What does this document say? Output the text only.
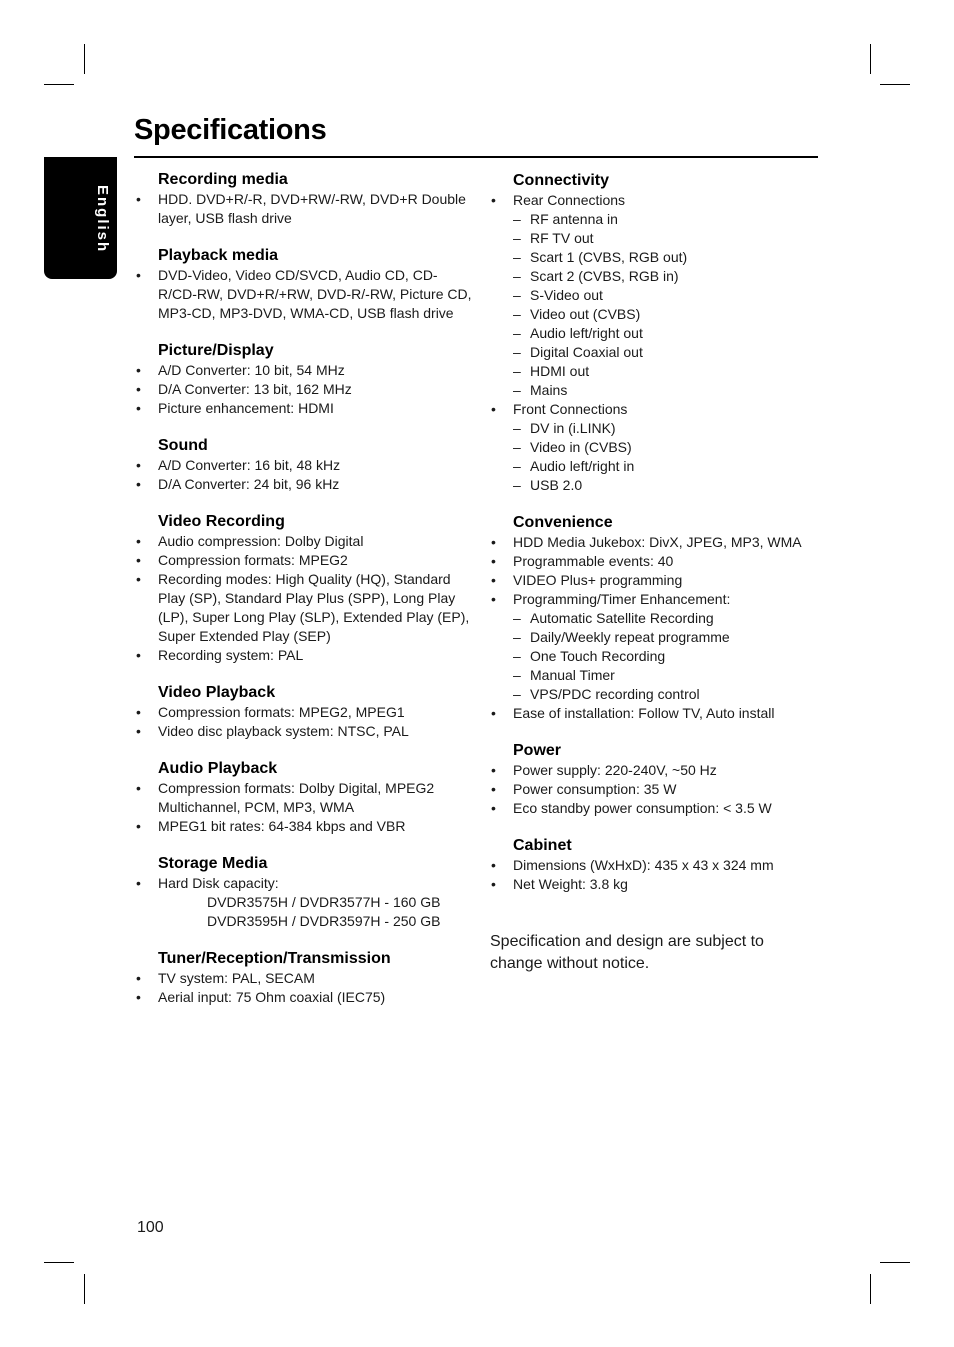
Specifications
English
Recording media
• HDD. DVD+R/-R, DVD+RW/-RW, DVD+R Double layer, USB flash drive
Playback media
• DVD-Video, Video CD/SVCD, Audio CD, CD-R/CD-RW, DVD+R/+RW, DVD-R/-RW, Picture CD, MP3-CD, MP3-DVD, WMA-CD, USB flash drive
Picture/Display
• A/D Converter: 10 bit, 54 MHz
• D/A Converter: 13 bit, 162 MHz
• Picture enhancement: HDMI
Sound
• A/D Converter: 16 bit, 48 kHz
• D/A Converter: 24 bit, 96 kHz
Video Recording
• Audio compression: Dolby Digital
• Compression formats: MPEG2
• Recording modes: High Quality (HQ), Standard Play (SP), Standard Play Plus (SPP), Long Play (LP), Super Long Play (SLP), Extended Play (EP), Super Extended Play (SEP)
• Recording system: PAL
Video Playback
• Compression formats: MPEG2, MPEG1
• Video disc playback system: NTSC, PAL
Audio Playback
• Compression formats: Dolby Digital, MPEG2 Multichannel, PCM, MP3, WMA
• MPEG1 bit rates: 64-384 kbps and VBR
Storage Media
• Hard Disk capacity:
DVDR3575H / DVDR3577H - 160 GB
DVDR3595H / DVDR3597H - 250 GB
Tuner/Reception/Transmission
• TV system: PAL, SECAM
• Aerial input: 75 Ohm coaxial (IEC75)
Connectivity
• Rear Connections
– RF antenna in
– RF TV out
– Scart 1 (CVBS, RGB out)
– Scart 2 (CVBS, RGB in)
– S-Video out
– Video out (CVBS)
– Audio left/right out
– Digital Coaxial out
– HDMI out
– Mains
• Front Connections
– DV in (i.LINK)
– Video in (CVBS)
– Audio left/right in
– USB 2.0
Convenience
• HDD Media Jukebox: DivX, JPEG, MP3, WMA
• Programmable events: 40
• VIDEO Plus+ programming
• Programming/Timer Enhancement:
– Automatic Satellite Recording
– Daily/Weekly repeat programme
– One Touch Recording
– Manual Timer
– VPS/PDC recording control
• Ease of installation: Follow TV, Auto install
Power
• Power supply: 220-240V, ~50 Hz
• Power consumption: 35 W
• Eco standby power consumption: < 3.5 W
Cabinet
• Dimensions (WxHxD): 435 x 43 x 324 mm
• Net Weight: 3.8 kg
Specification and design are subject to change without notice.
100
